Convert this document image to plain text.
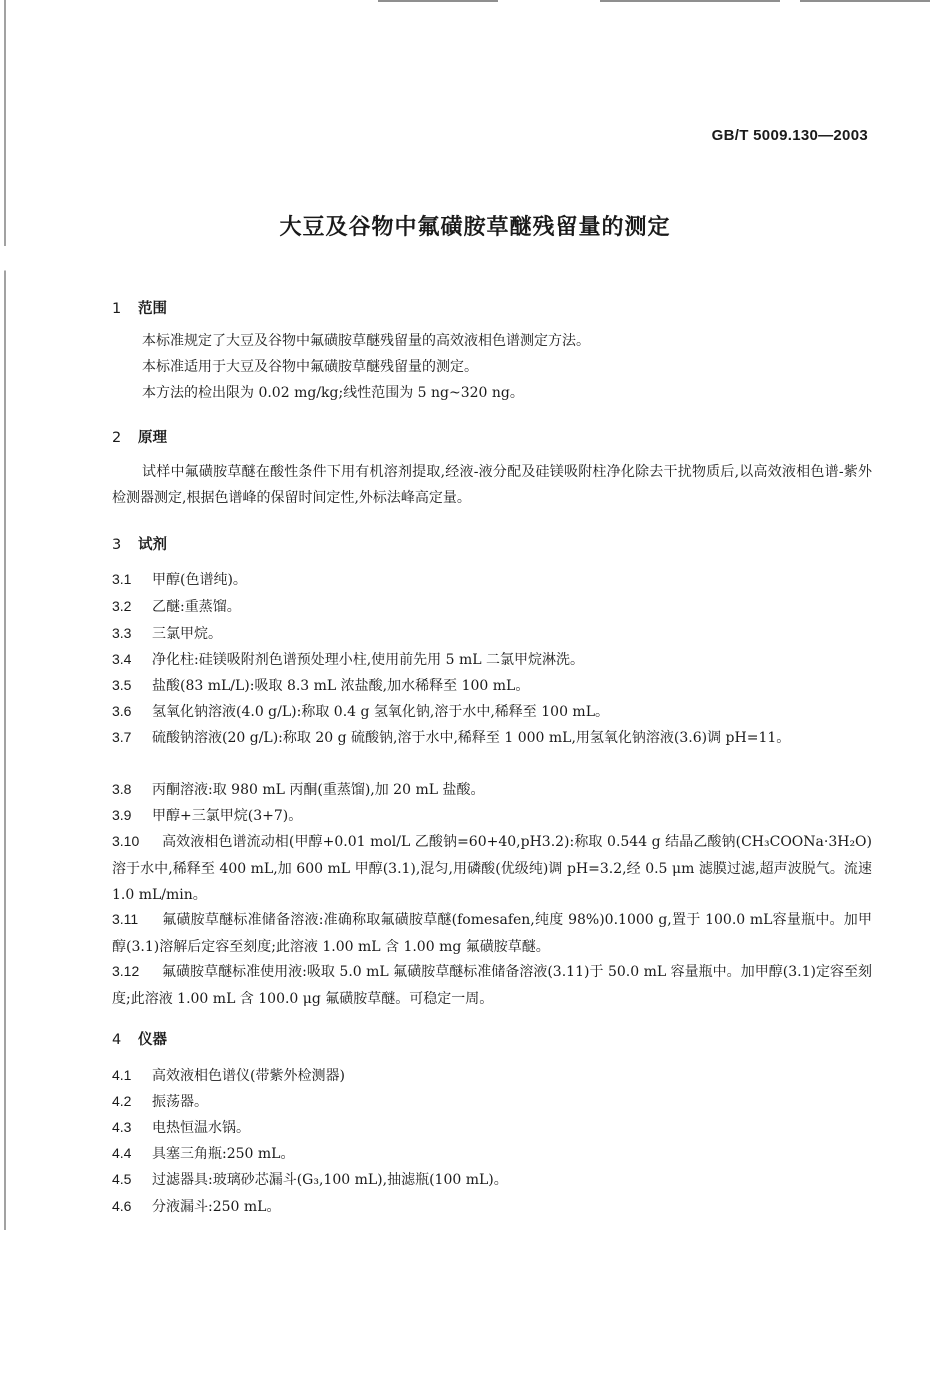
GB/T 5009.130—2003
大豆及谷物中氟磺胺草醚残留量的测定
1 范围

本标准规定了大豆及谷物中氟磺胺草醚残留量的高效液相色谱测定方法。

本标准适用于大豆及谷物中氟磺胺草醚残留量的测定。

本方法的检出限为 0.02 mg/kg;线性范围为 5 ng~320 ng。

2 原理

试样中氟磺胺草醚在酸性条件下用有机溶剂提取,经液-液分配及硅镁吸附柱净化除去干扰物质后,以高效液相色谱-紫外检测器测定,根据色谱峰的保留时间定性,外标法峰高定量。

3 试剂

3.1 甲醇(色谱纯)。

3.2 乙醚:重蒸馏。

3.3 三氯甲烷。

3.4 净化柱:硅镁吸附剂色谱预处理小柱,使用前先用 5 mL 二氯甲烷淋洗。

3.5 盐酸(83 mL/L):吸取 8.3 mL 浓盐酸,加水稀释至 100 mL。

3.6 氢氧化钠溶液(4.0 g/L):称取 0.4 g 氢氧化钠,溶于水中,稀释至 100 mL。

3.7 硫酸钠溶液(20 g/L):称取 20 g 硫酸钠,溶于水中,稀释至 1 000 mL,用氢氧化钠溶液(3.6)调 pH=11。

3.8 丙酮溶液:取 980 mL 丙酮(重蒸馏),加 20 mL 盐酸。

3.9 甲醇+三氯甲烷(3+7)。

3.10 高效液相色谱流动相(甲醇+0.01 mol/L 乙酸钠=60+40,pH3.2):称取 0.544 g 结晶乙酸钠(CH₃COONa·3H₂O)溶于水中,稀释至 400 mL,加 600 mL 甲醇(3.1),混匀,用磷酸(优级纯)调 pH=3.2,经 0.5 μm 滤膜过滤,超声波脱气。流速 1.0 mL/min。

3.11 氟磺胺草醚标准储备溶液:准确称取氟磺胺草醚(fomesafen,纯度 98%)0.1000 g,置于 100.0 mL容量瓶中。加甲醇(3.1)溶解后定容至刻度;此溶液 1.00 mL 含 1.00 mg 氟磺胺草醚。

3.12 氟磺胺草醚标准使用液:吸取 5.0 mL 氟磺胺草醚标准储备溶液(3.11)于 50.0 mL 容量瓶中。加甲醇(3.1)定容至刻度;此溶液 1.00 mL 含 100.0 μg 氟磺胺草醚。可稳定一周。

4 仪器

4.1 高效液相色谱仪(带紫外检测器)

4.2 振荡器。

4.3 电热恒温水锅。

4.4 具塞三角瓶:250 mL。

4.5 过滤器具:玻璃砂芯漏斗(G₃,100 mL),抽滤瓶(100 mL)。

4.6 分液漏斗:250 mL。
